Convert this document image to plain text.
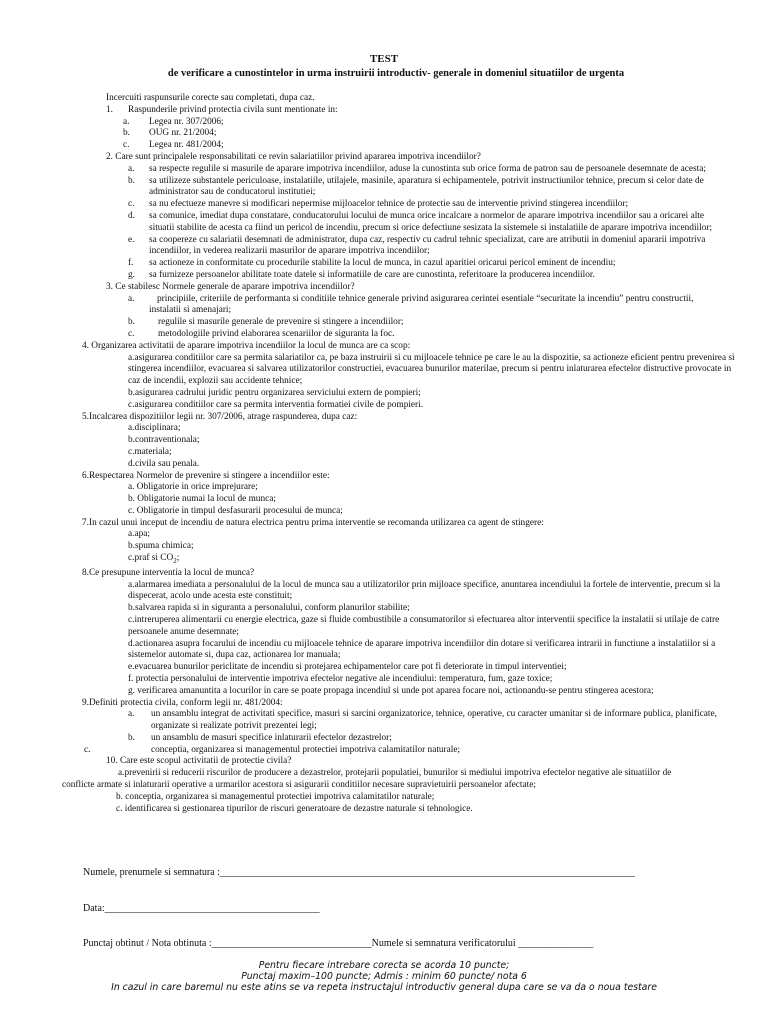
TEST
de verificare a cunostintelor in urma instruirii introductiv- generale in domeniul situatiilor de urgenta
Incercuiti raspunsurile corecte sau completati, dupa caz.
1. Raspunderile privind protectia civila sunt mentionate in:
a. Legea nr. 307/2006;
b. OUG nr. 21/2004;
c. Legea nr. 481/2004;
2. Care sunt principalele responsabilitati ce revin salariatiilor privind apararea impotriva incendiilor?
a. sa respecte regulile si masurile de aparare impotriva incendiilor, aduse la cunostinta sub orice forma de patron sau de persoanele desemnate de acesta;
b. sa utilizeze substantele periculoase, instalatiile, utilajele, masinile, aparatura si echipamentele, potrivit instructiunilor tehnice, precum si celor date de administrator sau de conducatorul institutiei;
c. sa nu efectueze manevre si modificari nepermise mijloacelor tehnice de protectie sau de interventie privind stingerea incendiilor;
d. sa comunice, imediat dupa constatare, conducatorului locului de munca orice incalcare a normelor de aparare impotriva incendiilor sau a oricarei alte situatii stabilite de acesta ca fiind un pericol de incendiu, precum si orice defectiune sesizata la sistemele si instalatiile de aparare impotriva incendiilor;
e. sa coopereze cu salariatii desemnati de administrator, dupa caz, respectiv cu cadrul tehnic specializat, care are atributii in domeniul apararii impotriva incendiilor, in vederea realizarii masurilor de aparare impotriva incendiilor;
f. sa actioneze in conformitate cu procedurile stabilite la locul de munca, in cazul aparitiei oricarui pericol eminent de incendiu;
g. sa furnizeze persoanelor abilitate toate datele si informatiile de care are cunostinta, referitoare la producerea incendiilor.
3. Ce stabilesc Normele generale de aparare impotriva incendiilor?
a.	principiile, criteriile de performanta si conditiile tehnice generale privind asigurarea cerintei esentiale “securitate la incendiu” pentru constructii, instalatii si amenajari;
b. regulile si masurile generale de prevenire si stingere a incendiilor;
c.	metodologiile privind elaborarea scenariilor de siguranta la foc.
4. Organizarea activitatii de aparare impotriva incendiilor la locul de munca are ca scop:
a.asigurarea conditiilor care sa permita salariatilor ca, pe baza instruirii si cu mijloacele tehnice pe care le au la dispozitie, sa actioneze eficient pentru prevenirea si stingerea incendiilor, evacuarea si salvarea utilizatorilor constructiei, evacuarea bunurilor materilae, precum si pentru inlaturarea efectelor distructive provocate in caz de incendii, explozii sau accidente tehnice;
b.asigurarea cadrului juridic pentru organizarea serviciului extern de pompieri;
c.asigurarea conditiilor care sa permita interventia formatiei civile de pompieri.
5.Incalcarea dispozitiilor legii nr. 307/2006, atrage raspunderea, dupa caz:
a.disciplinara;
b.contraventionala;
c.materiala;
d.civila sau penala.
6.Respectarea Normelor de prevenire si stingere a incendiilor este:
a. Obligatorie in orice imprejurare;
b. Obligatorie numai la locul de munca;
c. Obligatorie in timpul desfasurarii procesului de munca;
7.In cazul unui inceput de incendiu de natura electrica pentru prima interventie se recomanda utilizarea ca agent de stingere:
a.apa;
b.spuma chimica;
c.praf si $CO_2$;
8.Ce presupune interventia la locul de munca?
a.alarmarea imediata a personalului de la locul de munca sau a utilizatorilor prin mijloace specifice, anuntarea incendiului la fortele de interventie, precum si la dispecerat, acolo unde acesta este constituit;
b.salvarea rapida si in siguranta a personalului, conform planurilor stabilite;
c.intreruperea alimentarii cu energie electrica, gaze si fluide combustibile a consumatorilor si efectuarea altor interventii specifice la instalatii si utilaje de catre persoanele anume desemnate;
d.actionarea asupra focarului de incendiu cu mijloacele tehnice de aparare impotriva incendiilor din dotare si verificarea intrarii in functiune a instalatiilor si a sistemelor automate si, dupa caz, actionarea lor manuala;
e.evacuarea bunurilor periclitate de incendiu si protejarea echipamentelor care pot fi deteriorate in timpul interventiei;
f. protectia personalului de interventie impotriva efectelor negative ale incendiului: temperatura, fum, gaze toxice;
g. verificarea amanuntita a locurilor in care se poate propaga incendiul si unde pot aparea focare noi, actionandu-se pentru stingerea acestora;
9.Definiti protectia civila, conform legii nr. 481/2004:
a. un ansamblu integrat de activitati specifice, masuri si sarcini organizatorice, tehnice, operative, cu caracter umanitar si de informare publica, planificate, organizate si realizate potrivit prezentei legi;
b. un ansamblu de masuri specifice inlaturarii efectelor dezastrelor;
c.	conceptia, organizarea si managementul protectiei impotriva calamitatilor naturale;
10. Care este scopul activitatii de protectie civila?
a.prevenirii si reducerii riscurilor de producere a dezastrelor, protejarii populatiei, bunurilor si mediului impotriva efectelor negative ale situatiilor de
conflicte armate si inlaturarii operative a urmarilor acestora si asigurarii conditiilor necesare supravietuirii persoanelor afectate;
b. conceptia, organizarea si managementul protectiei impotriva calamitatilor naturale;
c. identificarea si gestionarea tipurilor de riscuri generatoare de dezastre naturale si tehnologice.
Numele, prenumele si semnatura :___________________________________________________________________________________
Data:___________________________________________
Punctaj obtinut / Nota obtinuta :________________________________Numele si semnatura verificatorului _______________
Pentru fiecare intrebare corecta se acorda 10 puncte;
Punctaj maxim–100 puncte; Admis : minim 60 puncte/ nota 6
In cazul in care baremul nu este atins se va repeta instructajul introductiv general dupa care se va da o noua testare
